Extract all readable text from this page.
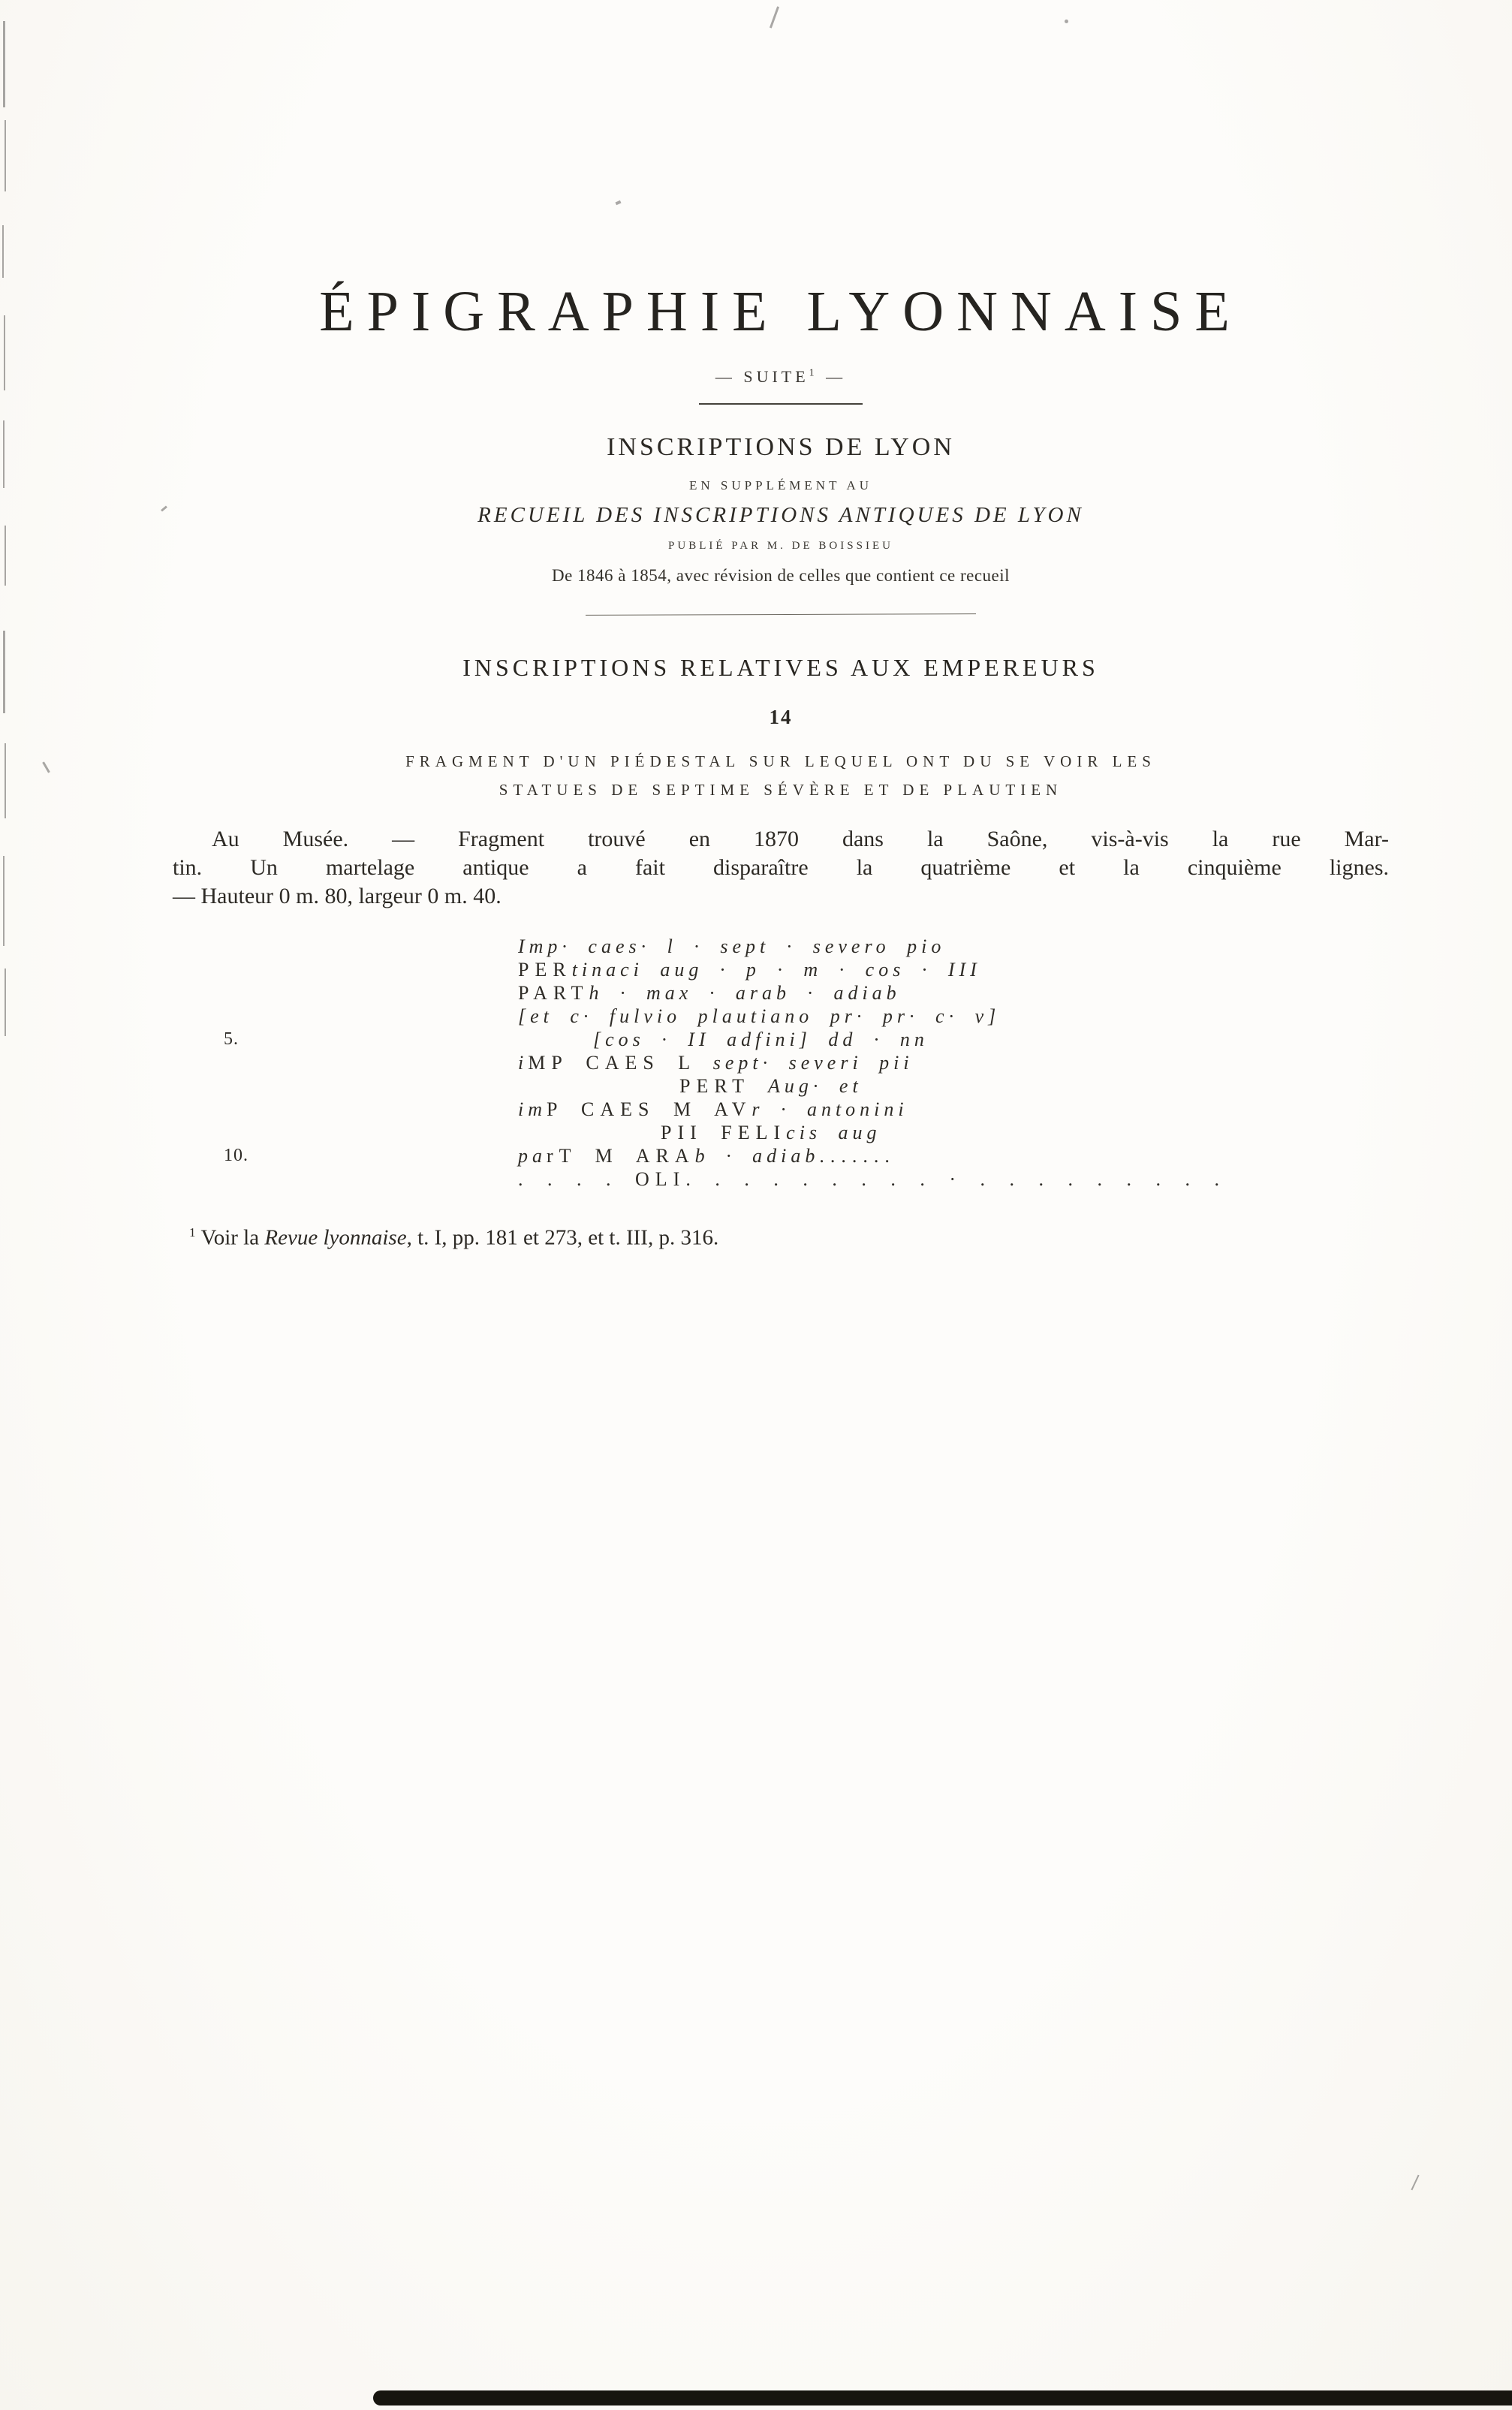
ÉPIGRAPHIE LYONNAISE
— SUITE$^1$ —
INSCRIPTIONS DE LYON
EN SUPPLÉMENT AU
RECUEIL DES INSCRIPTIONS ANTIQUES DE LYON
PUBLIÉ PAR M. DE BOISSIEU
De 1846 à 1854, avec révision de celles que contient ce recueil
INSCRIPTIONS RELATIVES AUX EMPEREURS
14
FRAGMENT D'UN PIÉDESTAL SUR LEQUEL ONT DU SE VOIR LES
STATUES DE SEPTIME SÉVÈRE ET DE PLAUTIEN
Au Musée. — Fragment trouvé en 1870 dans la Saône, vis-à-vis la rue Mar-
tin. Un martelage antique a fait disparaître la quatrième et la cinquième lignes.
— Hauteur 0 m. 80, largeur 0 m. 40.
Imp· caes· l · sept · severo pio
PERtinaci aug · p · m · cos · III
PARTh · max · arab · adiab
[et c· fulvio plautiano pr· pr· c· v]
5.	[cos · II adfini] dd · nn
iMP CAES L sept· severi pii
PERT Aug· et
imP CAES M AVr · antonini
PII FELIcis aug
10.	parT M ARAb · adiab.......
. . . . OLI. . . . . . . . . · . . . . . . . . .
$^1$ Voir la Revue lyonnaise, t. I, pp. 181 et 273, et t. III, p. 316.
